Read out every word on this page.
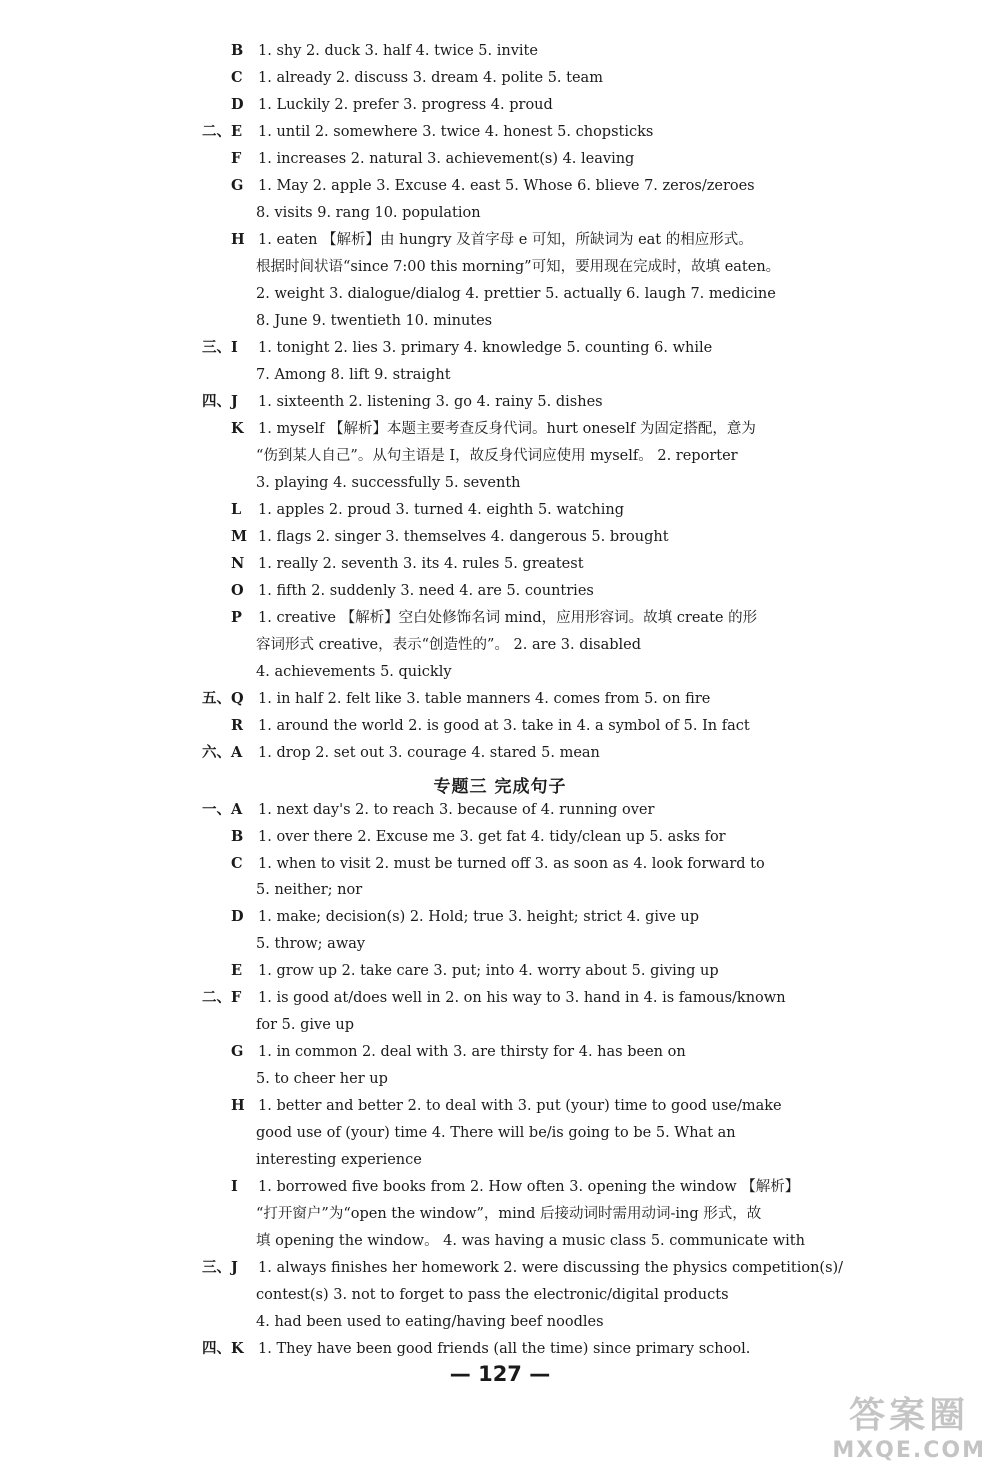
B 1. shy 2. duck 3. half 4. twice 5. invite
C 1. already 2. discuss 3. dream 4. polite 5. team
D 1. Luckily 2. prefer 3. progress 4. proud
二、E 1. until 2. somewhere 3. twice 4. honest 5. chopsticks
F 1. increases 2. natural 3. achievement(s) 4. leaving
G 1. May 2. apple 3. Excuse 4. east 5. Whose 6. blieve 7. zeros/zeroes
8. visits 9. rang 10. population
H 1. eaten 【解析】由 hungry 及首字母 e 可知，所缺词为 eat 的相应形式。
根据时间状语“since 7:00 this morning”可知，要用现在完成时，故填 eaten。
2. weight 3. dialogue/dialog 4. prettier 5. actually 6. laugh 7. medicine
8. June 9. twentieth 10. minutes
三、I 1. tonight 2. lies 3. primary 4. knowledge 5. counting 6. while
7. Among 8. lift 9. straight
四、J 1. sixteenth 2. listening 3. go 4. rainy 5. dishes
K 1. myself 【解析】本题主要考查反身代词。hurt oneself 为固定搭配，意为
“伤到某人自己”。从句主语是 I，故反身代词应使用 myself。 2. reporter
3. playing 4. successfully 5. seventh
L 1. apples 2. proud 3. turned 4. eighth 5. watching
M 1. flags 2. singer 3. themselves 4. dangerous 5. brought
N 1. really 2. seventh 3. its 4. rules 5. greatest
O 1. fifth 2. suddenly 3. need 4. are 5. countries
P 1. creative 【解析】空白处修饰名词 mind，应用形容词。故填 create 的形
容词形式 creative，表示“创造性的”。 2. are 3. disabled
4. achievements 5. quickly
五、Q 1. in half 2. felt like 3. table manners 4. comes from 5. on fire
R 1. around the world 2. is good at 3. take in 4. a symbol of 5. In fact
六、A 1. drop 2. set out 3. courage 4. stared 5. mean
一、A 1. next day's 2. to reach 3. because of 4. running over
B 1. over there 2. Excuse me 3. get fat 4. tidy/clean up 5. asks for
C 1. when to visit 2. must be turned off 3. as soon as 4. look forward to
5. neither; nor
D 1. make; decision(s) 2. Hold; true 3. height; strict 4. give up
5. throw; away
E 1. grow up 2. take care 3. put; into 4. worry about 5. giving up
二、F 1. is good at/does well in 2. on his way to 3. hand in 4. is famous/known
for 5. give up
G 1. in common 2. deal with 3. are thirsty for 4. has been on
5. to cheer her up
H 1. better and better 2. to deal with 3. put (your) time to good use/make
good use of (your) time 4. There will be/is going to be 5. What an
interesting experience
I 1. borrowed five books from 2. How often 3. opening the window 【解析】
“打开窗户”为“open the window”，mind 后接动词时需用动词-ing 形式，故
填 opening the window。 4. was having a music class 5. communicate with
三、J 1. always finishes her homework 2. were discussing the physics competition(s)/
contest(s) 3. not to forget to pass the electronic/digital products
4. had been used to eating/having beef noodles
四、K 1. They have been good friends (all the time) since primary school.
专题三 完成句子
— 127 —
答案圈
MXQE.COM
